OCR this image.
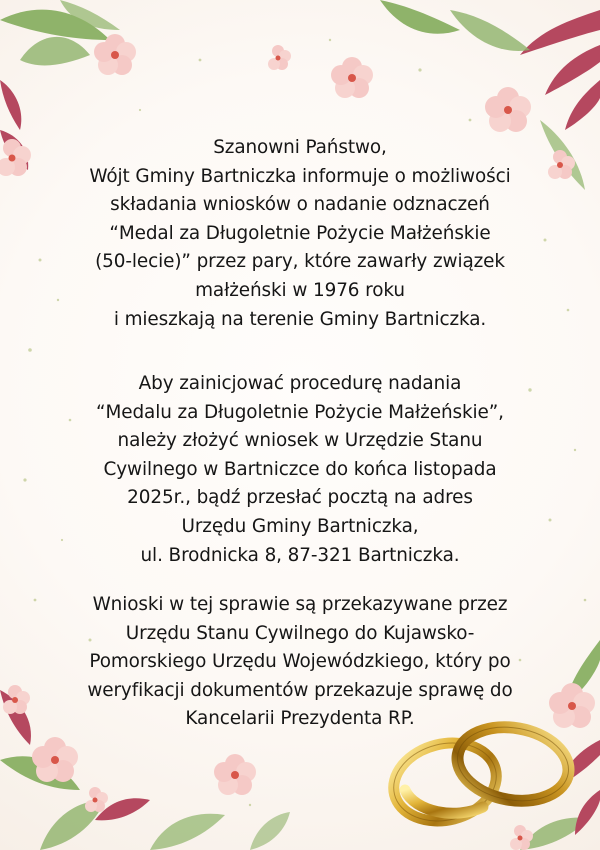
Szanowni Państwo,
Wójt Gminy Bartniczka informuje o możliwości
składania wniosków o nadanie odznaczeń
“Medal za Długoletnie Pożycie Małżeńskie
(50-lecie)” przez pary, które zawarły związek
małżeński w 1976 roku
i mieszkają na terenie Gminy Bartniczka.
Aby zainicjować procedurę nadania
“Medalu za Długoletnie Pożycie Małżeńskie”,
należy złożyć wniosek w Urzędzie Stanu
Cywilnego w Bartniczce do końca listopada
2025r., bądź przesłać pocztą na adres
Urzędu Gminy Bartniczka,
ul. Brodnicka 8, 87-321 Bartniczka.
Wnioski w tej sprawie są przekazywane przez
Urzędu Stanu Cywilnego do Kujawsko-
Pomorskiego Urzędu Wojewódzkiego, który po
weryfikacji dokumentów przekazuje sprawę do
Kancelarii Prezydenta RP.
